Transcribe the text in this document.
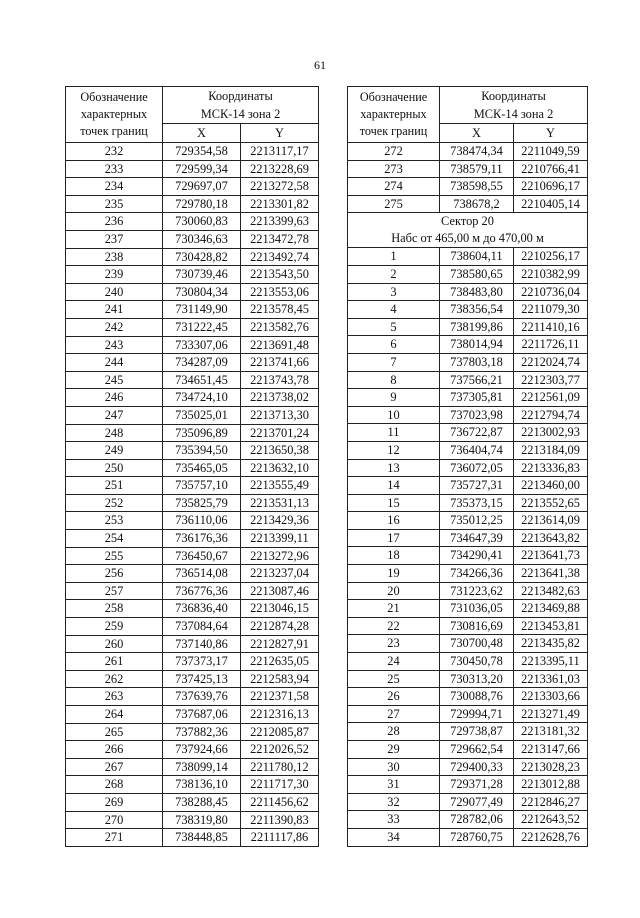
61
Обозначение
характерных
точек границ	Координаты
МСК-14 зона 2	
	X	Y
232	729354,58	2213117,17
233	729599,34	2213228,69
234	729697,07	2213272,58
235	729780,18	2213301,82
236	730060,83	2213399,63
237	730346,63	2213472,78
238	730428,82	2213492,74
239	730739,46	2213543,50
240	730804,34	2213553,06
241	731149,90	2213578,45
242	731222,45	2213582,76
243	733307,06	2213691,48
244	734287,09	2213741,66
245	734651,45	2213743,78
246	734724,10	2213738,02
247	735025,01	2213713,30
248	735096,89	2213701,24
249	735394,50	2213650,38
250	735465,05	2213632,10
251	735757,10	2213555,49
252	735825,79	2213531,13
253	736110,06	2213429,36
254	736176,36	2213399,11
255	736450,67	2213272,96
256	736514,08	2213237,04
257	736776,36	2213087,46
258	736836,40	2213046,15
259	737084,64	2212874,28
260	737140,86	2212827,91
261	737373,17	2212635,05
262	737425,13	2212583,94
263	737639,76	2212371,58
264	737687,06	2212316,13
265	737882,36	2212085,87
266	737924,66	2212026,52
267	738099,14	2211780,12
268	738136,10	2211717,30
269	738288,45	2211456,62
270	738319,80	2211390,83
271	738448,85	2211117,86
Обозначение
характерных
точек границ	Координаты
МСК-14 зона 2	
	X	Y
272	738474,34	2211049,59
273	738579,11	2210766,41
274	738598,55	2210696,17
275	738678,2	2210405,14
Сектор 20
Набс от 465,00 м до 470,00 м		
1	738604,11	2210256,17
2	738580,65	2210382,99
3	738483,80	2210736,04
4	738356,54	2211079,30
5	738199,86	2211410,16
6	738014,94	2211726,11
7	737803,18	2212024,74
8	737566,21	2212303,77
9	737305,81	2212561,09
10	737023,98	2212794,74
11	736722,87	2213002,93
12	736404,74	2213184,09
13	736072,05	2213336,83
14	735727,31	2213460,00
15	735373,15	2213552,65
16	735012,25	2213614,09
17	734647,39	2213643,82
18	734290,41	2213641,73
19	734266,36	2213641,38
20	731223,62	2213482,63
21	731036,05	2213469,88
22	730816,69	2213453,81
23	730700,48	2213435,82
24	730450,78	2213395,11
25	730313,20	2213361,03
26	730088,76	2213303,66
27	729994,71	2213271,49
28	729738,87	2213181,32
29	729662,54	2213147,66
30	729400,33	2213028,23
31	729371,28	2213012,88
32	729077,49	2212846,27
33	728782,06	2212643,52
34	728760,75	2212628,76
